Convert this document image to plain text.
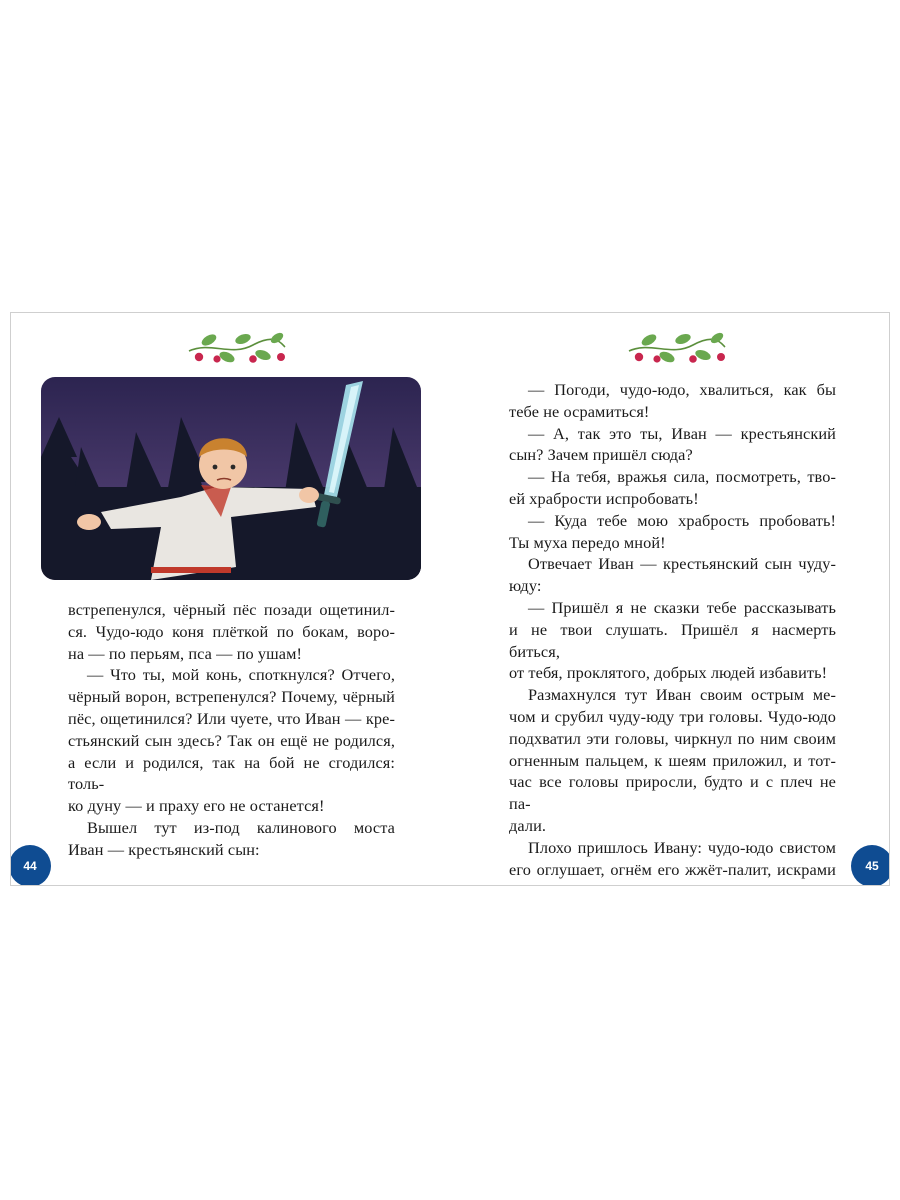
встрепенулся, чёрный пёс позади ощетинил-
ся. Чудо-юдо коня плёткой по бокам, воро-
на — по перьям, пса — по ушам!
— Что ты, мой конь, споткнулся? Отчего,
чёрный ворон, встрепенулся? Почему, чёрный
пёс, ощетинился? Или чуете, что Иван — кре-
стьянский сын здесь? Так он ещё не родился,
а если и родился, так на бой не сгодился: толь-
ко дуну — и праху его не останется!
Вышел тут из-под калинового моста
Иван — крестьянский сын:
44
— Погоди, чудо-юдо, хвалиться, как бы
тебе не осрамиться!
— А, так это ты, Иван — крестьянский
сын? Зачем пришёл сюда?
— На тебя, вражья сила, посмотреть, тво-
ей храбрости испробовать!
— Куда тебе мою храбрость пробовать!
Ты муха передо мной!
Отвечает Иван — крестьянский сын чуду-
юду:
— Пришёл я не сказки тебе рассказывать
и не твои слушать. Пришёл я насмерть биться,
от тебя, проклятого, добрых людей избавить!
Размахнулся тут Иван своим острым ме-
чом и срубил чуду-юду три головы. Чудо-юдо
подхватил эти головы, чиркнул по ним своим
огненным пальцем, к шеям приложил, и тот-
час все головы приросли, будто и с плеч не па-
дали.
Плохо пришлось Ивану: чудо-юдо свистом
его оглушает, огнём его жжёт-палит, искрами 45
